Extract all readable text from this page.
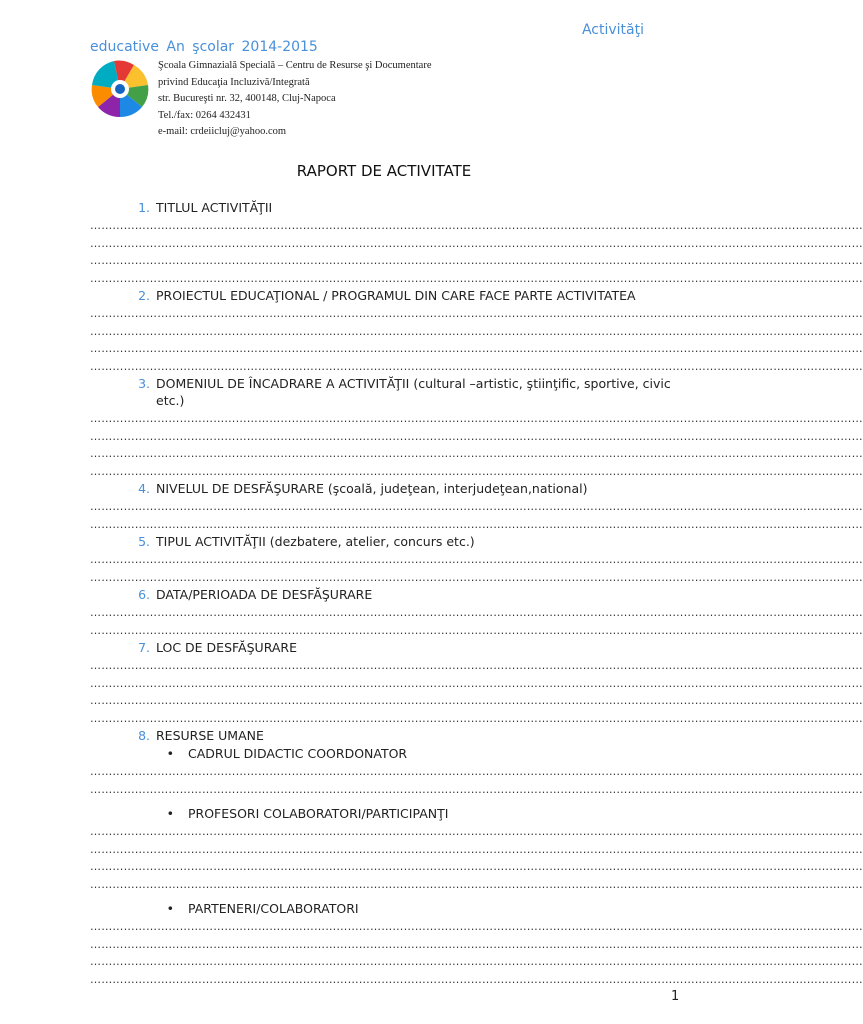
Activităţi
educative An şcolar 2014-2015
Şcoala Gimnazială Specială – Centru de Resurse şi Documentare
privind Educaţia Incluzivă/Integrată
str. Bucureşti nr. 32, 400148, Cluj-Napoca
Tel./fax: 0264 432431
e-mail: crdeiicluj@yahoo.com
RAPORT DE ACTIVITATE
1. TITLUL ACTIVITĂŢII
………………………………………………………………………………………………………………………………………………………………………………………
………………………………………………………………………………………………………………………………………………………………………………………
………………………………………………………………………………………………………………………………………………………………………………………
………………………………………………………………………………………………………………………………………………………………………………………
2. PROIECTUL EDUCAŢIONAL / PROGRAMUL DIN CARE FACE PARTE ACTIVITATEA
………………………………………………………………………………………………………………………………………………………………………………………
………………………………………………………………………………………………………………………………………………………………………………………
………………………………………………………………………………………………………………………………………………………………………………………
………………………………………………………………………………………………………………………………………………………………………………………
3. DOMENIUL DE ÎNCADRARE A ACTIVITĂŢII (cultural –artistic, ştiinţific, sportive, civic etc.)
………………………………………………………………………………………………………………………………………………………………………………………
………………………………………………………………………………………………………………………………………………………………………………………
………………………………………………………………………………………………………………………………………………………………………………………
………………………………………………………………………………………………………………………………………………………………………………………
4. NIVELUL DE DESFĂŞURARE (şcoală, judeţean, interjudeţean,national)
………………………………………………………………………………………………………………………………………………………………………………………
………………………………………………………………………………………………………………………………………………………………………………………
5. TIPUL ACTIVITĂŢII (dezbatere, atelier, concurs etc.)
………………………………………………………………………………………………………………………………………………………………………………………
………………………………………………………………………………………………………………………………………………………………………………………
6. DATA/PERIOADA DE DESFĂŞURARE
………………………………………………………………………………………………………………………………………………………………………………………
………………………………………………………………………………………………………………………………………………………………………………………
7. LOC DE DESFĂŞURARE
………………………………………………………………………………………………………………………………………………………………………………………
………………………………………………………………………………………………………………………………………………………………………………………
………………………………………………………………………………………………………………………………………………………………………………………
………………………………………………………………………………………………………………………………………………………………………………………
8. RESURSE UMANE
•	CADRUL DIDACTIC COORDONATOR
………………………………………………………………………………………………………………………………………………………………………………………
………………………………………………………………………………………………………………………………………………………………………………………
•	PROFESORI COLABORATORI/PARTICIPANŢI
………………………………………………………………………………………………………………………………………………………………………………………
………………………………………………………………………………………………………………………………………………………………………………………
………………………………………………………………………………………………………………………………………………………………………………………
………………………………………………………………………………………………………………………………………………………………………………………
•	PARTENERI/COLABORATORI
………………………………………………………………………………………………………………………………………………………………………………………
………………………………………………………………………………………………………………………………………………………………………………………
………………………………………………………………………………………………………………………………………………………………………………………
………………………………………………………………………………………………………………………………………………………………………………………
1
